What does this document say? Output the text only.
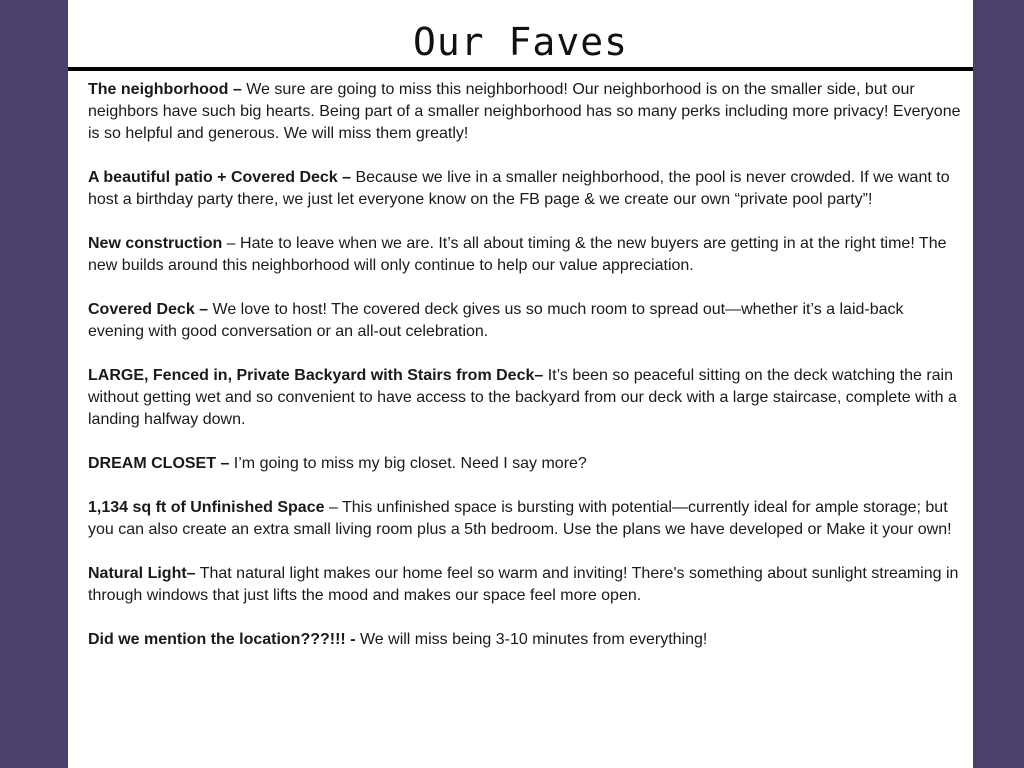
Our Faves

The neighborhood – We sure are going to miss this neighborhood! Our neighborhood is on the smaller side, but our neighbors have such big hearts. Being part of a smaller neighborhood has so many perks including more privacy! Everyone is so helpful and generous. We will miss them greatly!

A beautiful patio + Covered Deck – Because we live in a smaller neighborhood, the pool is never crowded. If we want to host a birthday party there, we just let everyone know on the FB page & we create our own “private pool party”!

New construction – Hate to leave when we are. It’s all about timing & the new buyers are getting in at the right time! The new builds around this neighborhood will only continue to help our value appreciation.

Covered Deck – We love to host! The covered deck gives us so much room to spread out—whether it’s a laid-back evening with good conversation or an all-out celebration.

LARGE, Fenced in, Private Backyard with Stairs from Deck– It’s been so peaceful sitting on the deck watching the rain without getting wet and so convenient to have access to the backyard from our deck with a large staircase, complete with a landing halfway down.

DREAM CLOSET – I’m going to miss my big closet. Need I say more?

1,134 sq ft of Unfinished Space – This unfinished space is bursting with potential—currently ideal for ample storage; but you can also create an extra small living room plus a 5th bedroom. Use the plans we have developed or Make it your own!

Natural Light– That natural light makes our home feel so warm and inviting! There's something about sunlight streaming in through windows that just lifts the mood and makes our space feel more open.

Did we mention the location???!!! - We will miss being 3-10 minutes from everything!
